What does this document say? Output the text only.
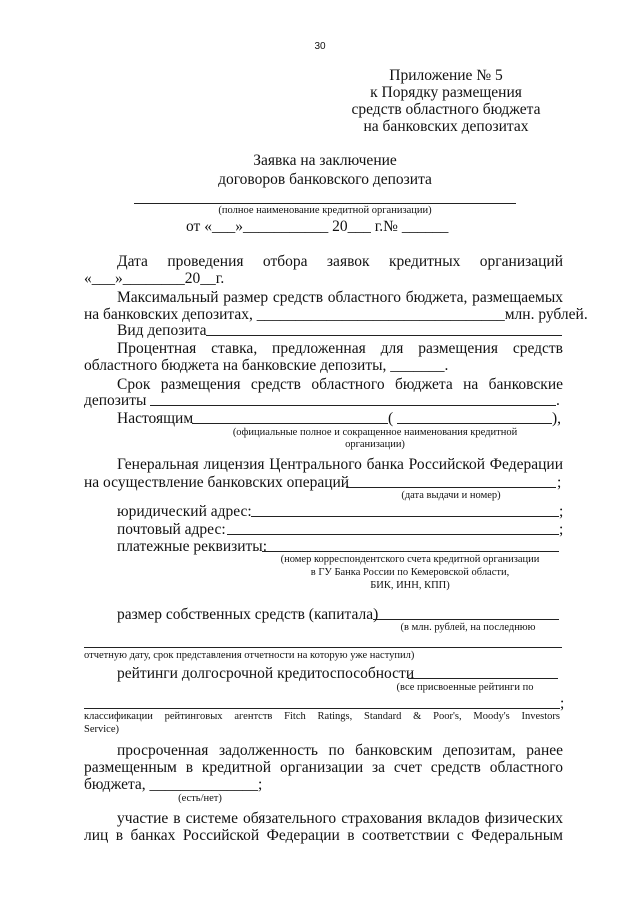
30
Приложение № 5
к Порядку размещения
средств областного бюджета
на банковских депозитах
Заявка на заключение
договоров банковского депозита
(полное наименование кредитной организации)
от «___»___________ 20___ г.№ ______
Дата проведения отбора заявок кредитных организаций
«___»________20__г.
Максимальный размер средств областного бюджета, размещаемых
на банковских депозитах, ________________________________млн. рублей.
Вид депозита
Процентная ставка, предложенная для размещения средств
областного бюджета на банковские депозиты, _______.
Срок размещения средств областного бюджета на банковские
депозиты	.
Настоящим	(	),
(официальные полное и сокращенное наименования кредитной
организации)
Генеральная лицензия Центрального банка Российской Федерации
на осуществление банковских операций	;
(дата выдачи и номер)
юридический адрес:	;
почтовый адрес:	;
платежные реквизиты:
(номер корреспондентского счета кредитной организации
в ГУ Банка России по Кемеровской области,
БИК, ИНН, КПП)
размер собственных средств (капитала)
(в млн. рублей, на последнюю
отчетную дату, срок представления отчетности на которую уже наступил)
рейтинги долгосрочной кредитоспособности
(все присвоенные рейтинги по
;
классификации рейтинговых агентств Fitch Ratings, Standard & Poor's, Moody's Investors
Service)
просроченная задолженность по банковским депозитам, ранее
размещенным в кредитной организации за счет средств областного
бюджета, ______________;
(есть/нет)
участие в системе обязательного страхования вкладов физических
лиц в банках Российской Федерации в соответствии с Федеральным
